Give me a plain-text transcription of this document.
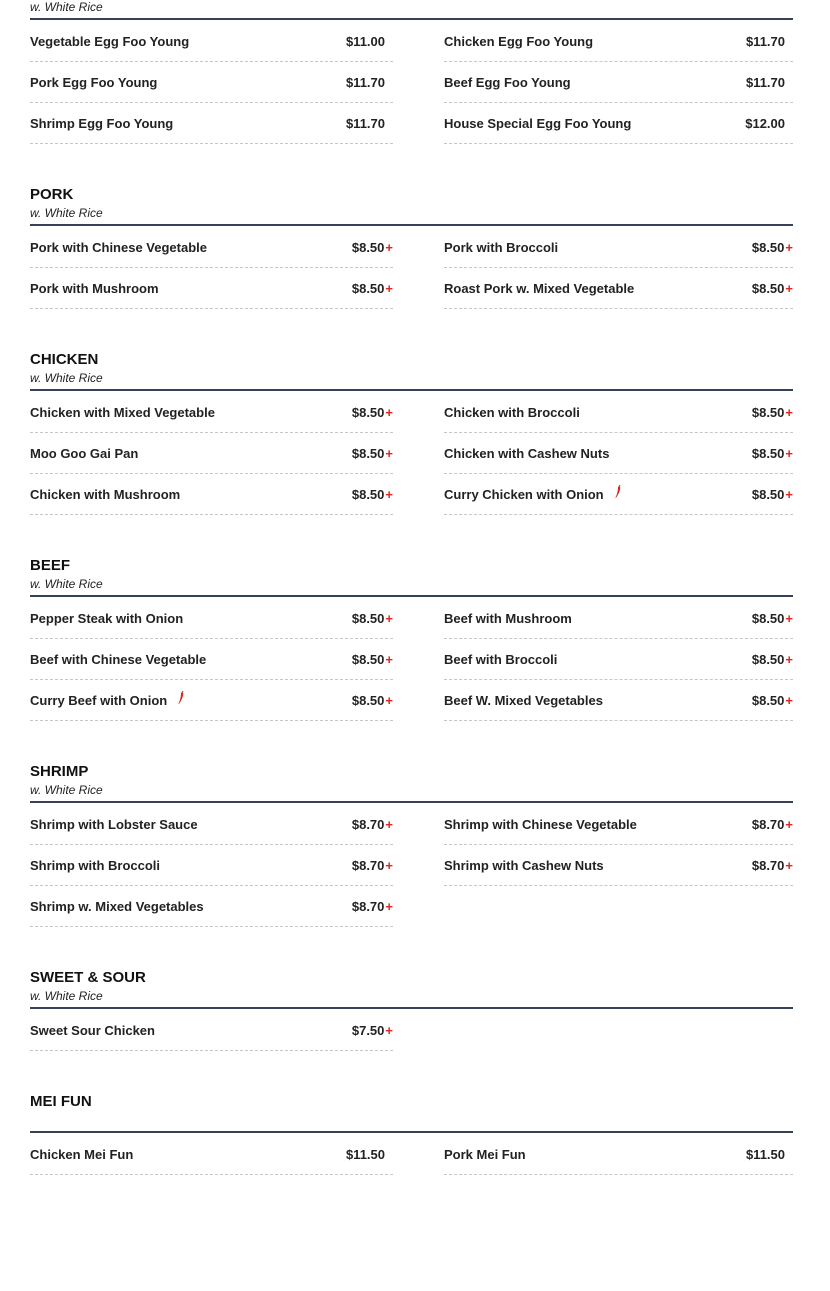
w. White Rice
Vegetable Egg Foo Young	$11.00
Pork Egg Foo Young	$11.70
Shrimp Egg Foo Young	$11.70
Chicken Egg Foo Young	$11.70
Beef Egg Foo Young	$11.70
House Special Egg Foo Young	$12.00
PORK
w. White Rice
Pork with Chinese Vegetable	$8.50 +
Pork with Mushroom	$8.50 +
Pork with Broccoli	$8.50 +
Roast Pork w. Mixed Vegetable	$8.50 +
CHICKEN
w. White Rice
Chicken with Mixed Vegetable	$8.50 +
Moo Goo Gai Pan	$8.50 +
Chicken with Mushroom	$8.50 +
Chicken with Broccoli	$8.50 +
Chicken with Cashew Nuts	$8.50 +
Curry Chicken with Onion	$8.50 +
BEEF
w. White Rice
Pepper Steak with Onion	$8.50 +
Beef with Chinese Vegetable	$8.50 +
Curry Beef with Onion	$8.50 +
Beef with Mushroom	$8.50 +
Beef with Broccoli	$8.50 +
Beef W. Mixed Vegetables	$8.50 +
SHRIMP
w. White Rice
Shrimp with Lobster Sauce	$8.70 +
Shrimp with Broccoli	$8.70 +
Shrimp w. Mixed Vegetables	$8.70 +
Shrimp with Chinese Vegetable	$8.70 +
Shrimp with Cashew Nuts	$8.70 +
SWEET & SOUR
w. White Rice
Sweet Sour Chicken	$7.50 +
MEI FUN
Chicken Mei Fun	$11.50	Pork Mei Fun	$11.50
